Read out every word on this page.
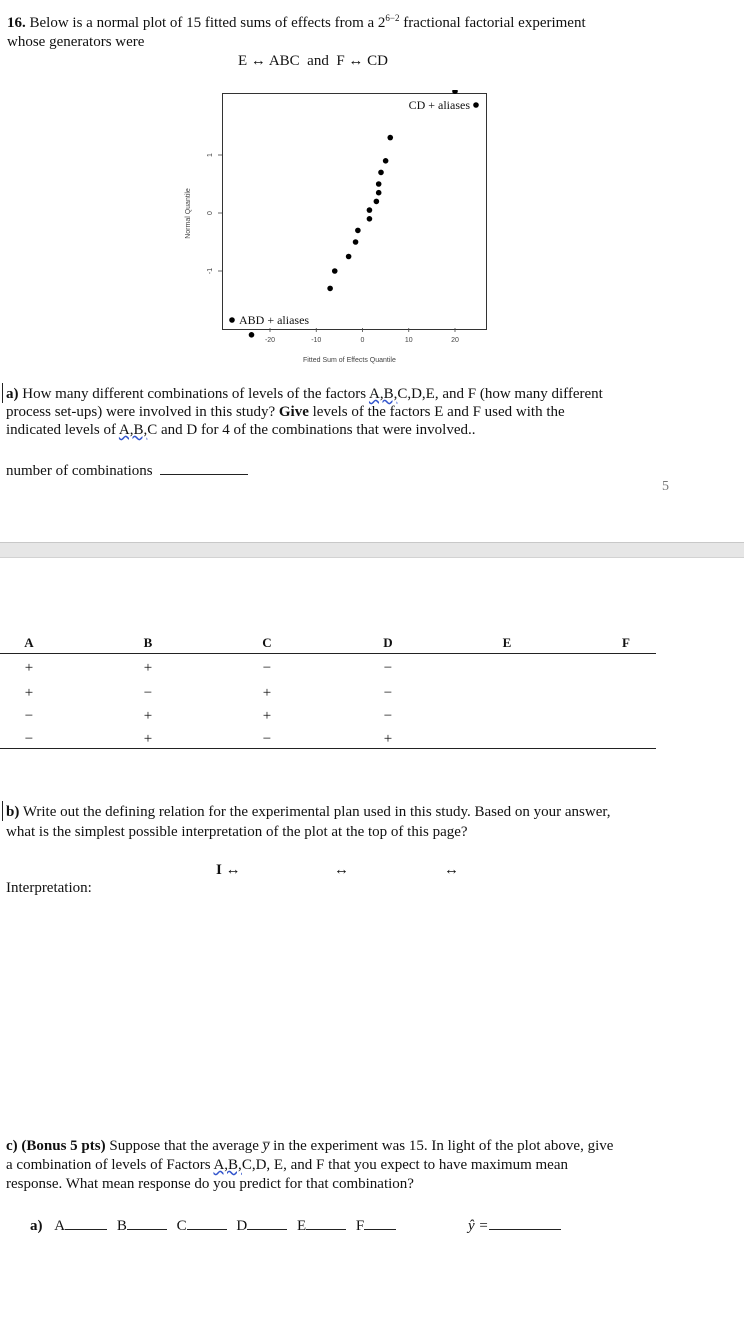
16. Below is a normal plot of 15 fitted sums of effects from a $2^{6-2}$ fractional factorial experiment
whose generators were
E ↔ ABC  and  F ↔ CD
-20	-10	0	10	20
-1
0
1
CD + aliases
ABD + aliases
Normal Quantile
Fitted Sum of Effects Quantile
a) How many different combinations of levels of the factors A,B,C,D,E, and F (how many different
process set-ups) were involved in this study? Give levels of the factors E and F used with the
indicated levels of A,B,C and D for 4 of the combinations that were involved..
number of combinations
5
A	B	C	D	E	F
+	+	−	−
+	−	+	−
−	+	+	−
−	+	−	+
b) Write out the defining relation for the experimental plan used in this study. Based on your answer,
what is the simplest possible interpretation of the plot at the top of this page?
I ↔	↔	↔
Interpretation:
c) (Bonus 5 pts) Suppose that the average y̅ in the experiment was 15. In light of the plot above, give
a combination of levels of Factors A,B,C,D, E, and F that you expect to have maximum mean
response. What mean response do you predict for that combination?
a) A	B	C	D	E	F	ŷ =
